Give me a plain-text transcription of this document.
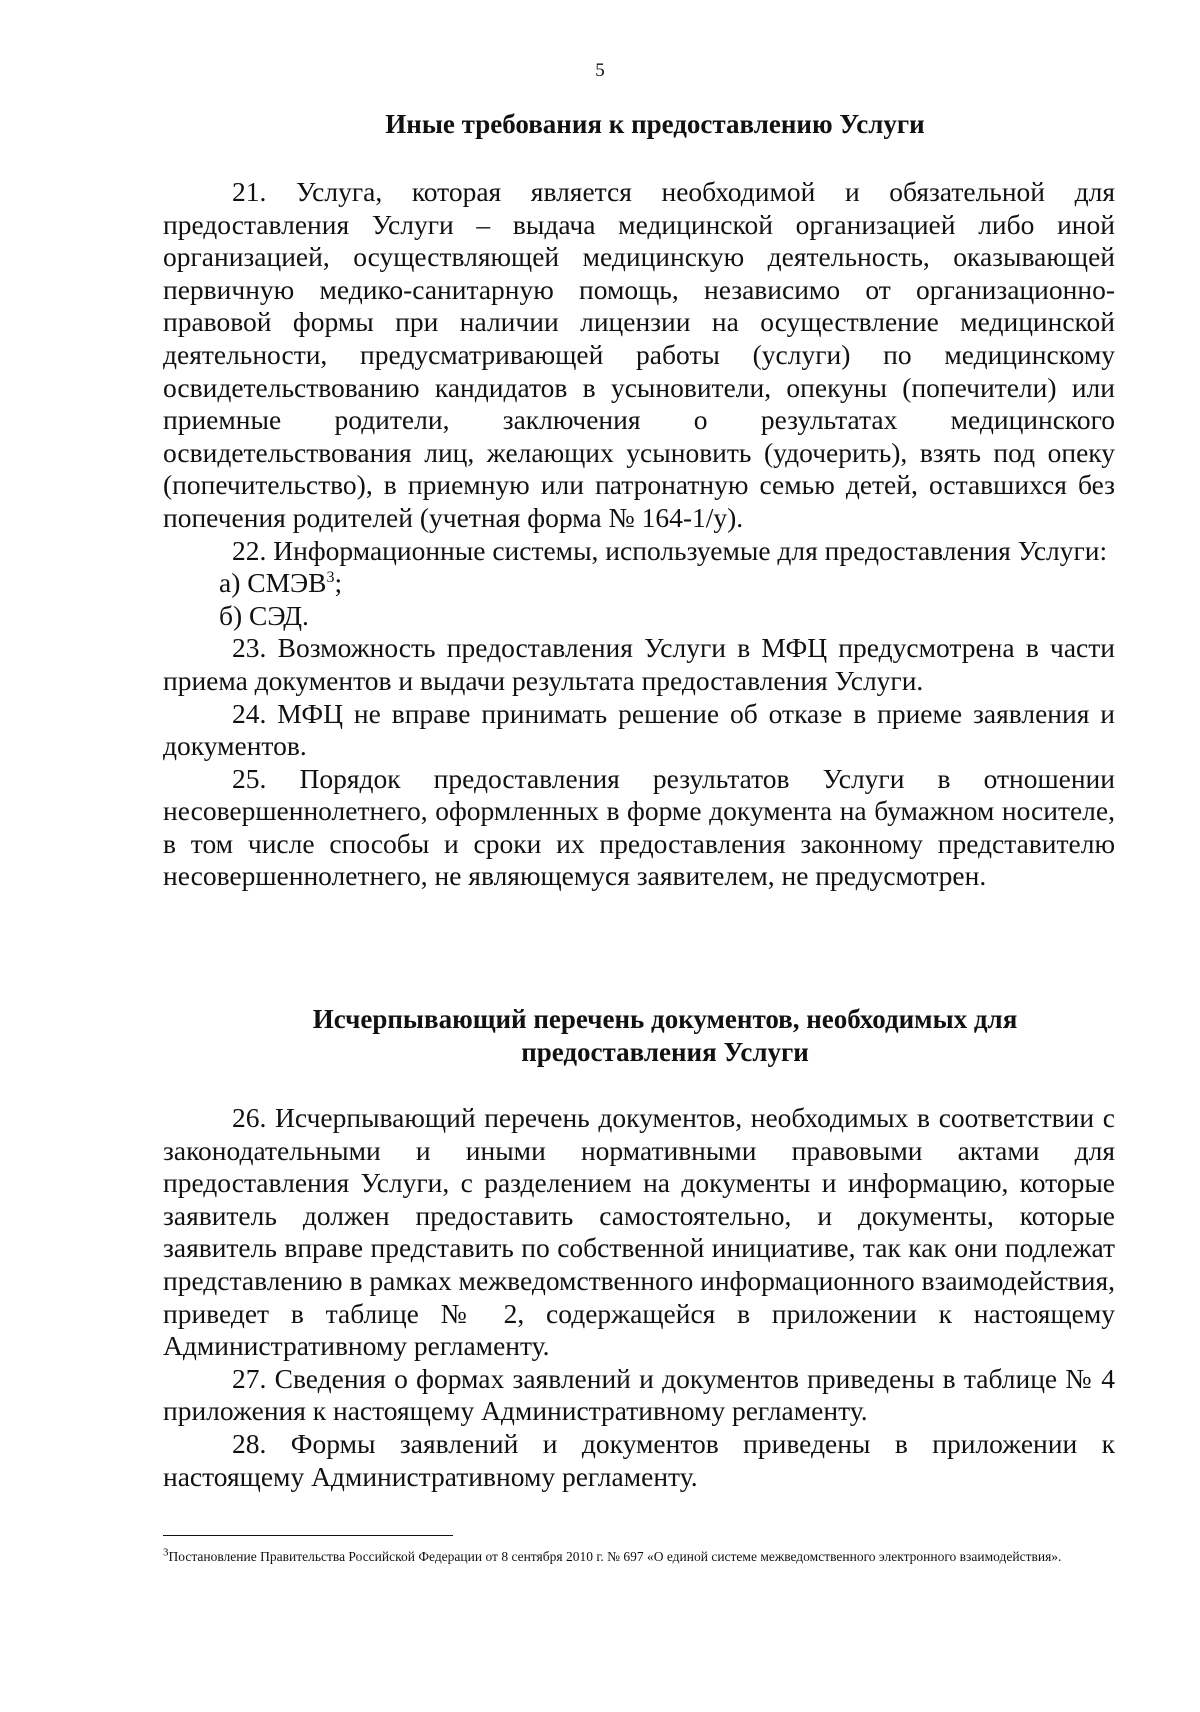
5
Иные требования к предоставлению Услуги

21. Услуга, которая является необходимой и обязательной для предоставления Услуги – выдача медицинской организацией либо иной организацией, осуществляющей медицинскую деятельность, оказывающей первичную медико-санитарную помощь, независимо от организационно-правовой формы при наличии лицензии на осуществление медицинской деятельности, предусматривающей работы (услуги) по медицинскому освидетельствованию кандидатов в усыновители, опекуны (попечители) или приемные родители, заключения о результатах медицинского освидетельствования лиц, желающих усыновить (удочерить), взять под опеку (попечительство), в приемную или патронатную семью детей, оставшихся без попечения родителей (учетная форма № 164-1/у).

22. Информационные системы, используемые для предоставления Услуги:

а) СМЭВ$^3$;

б) СЭД.

23. Возможность предоставления Услуги в МФЦ предусмотрена в части приема документов и выдачи результата предоставления Услуги.

24. МФЦ не вправе принимать решение об отказе в приеме заявления и документов.

25. Порядок предоставления результатов Услуги в отношении несовершеннолетнего, оформленных в форме документа на бумажном носителе, в том числе способы и сроки их предоставления законному представителю несовершеннолетнего, не являющемуся заявителем, не предусмотрен.

Исчерпывающий перечень документов, необходимых для
предоставления Услуги

26. Исчерпывающий перечень документов, необходимых в соответствии с законодательными и иными нормативными правовыми актами для предоставления Услуги, с разделением на документы и информацию, которые заявитель должен предоставить самостоятельно, и документы, которые заявитель вправе представить по собственной инициативе, так как они подлежат представлению в рамках межведомственного информационного взаимодействия, приведет в таблице № 2, содержащейся в приложении к настоящему Административному регламенту.

27. Сведения о формах заявлений и документов приведены в таблице № 4 приложения к настоящему Административному регламенту.

28. Формы заявлений и документов приведены в приложении к настоящему Административному регламенту.

$^3$Постановление Правительства Российской Федерации от 8 сентября 2010 г. № 697 «О единой системе межведомственного электронного взаимодействия».
